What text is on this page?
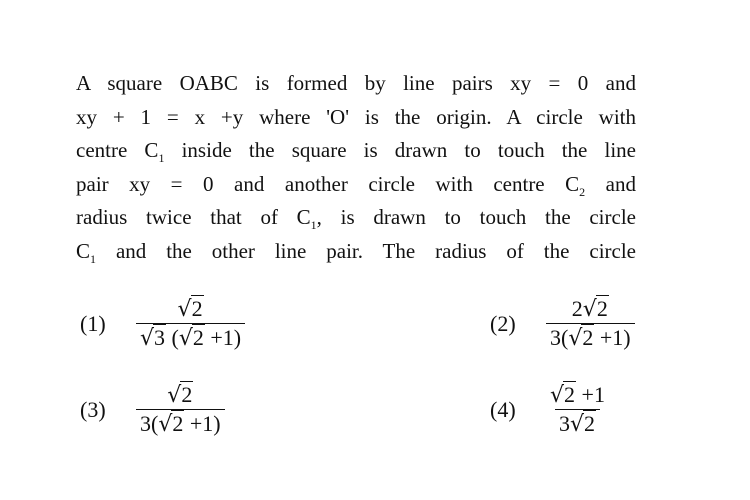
A square OABC is formed by line pairs xy = 0 and
xy + 1 = x +y where 'O' is the origin. A circle with
centre $C_1$ inside the square is drawn to touch the line
pair xy = 0 and another circle with centre $C_2$ and
radius twice that of $C_1$, is drawn to touch the circle
$C_1$ and the other line pair. The radius of the circle
(1)	$\frac{√2}{√3 (√2 +1)}$	(2)	$\frac{2√2}{3(√2 +1)}$
(3)	$\frac{√2}{3(√2 +1)}$	(4)	$\frac{√2 +1}{3√2}$
